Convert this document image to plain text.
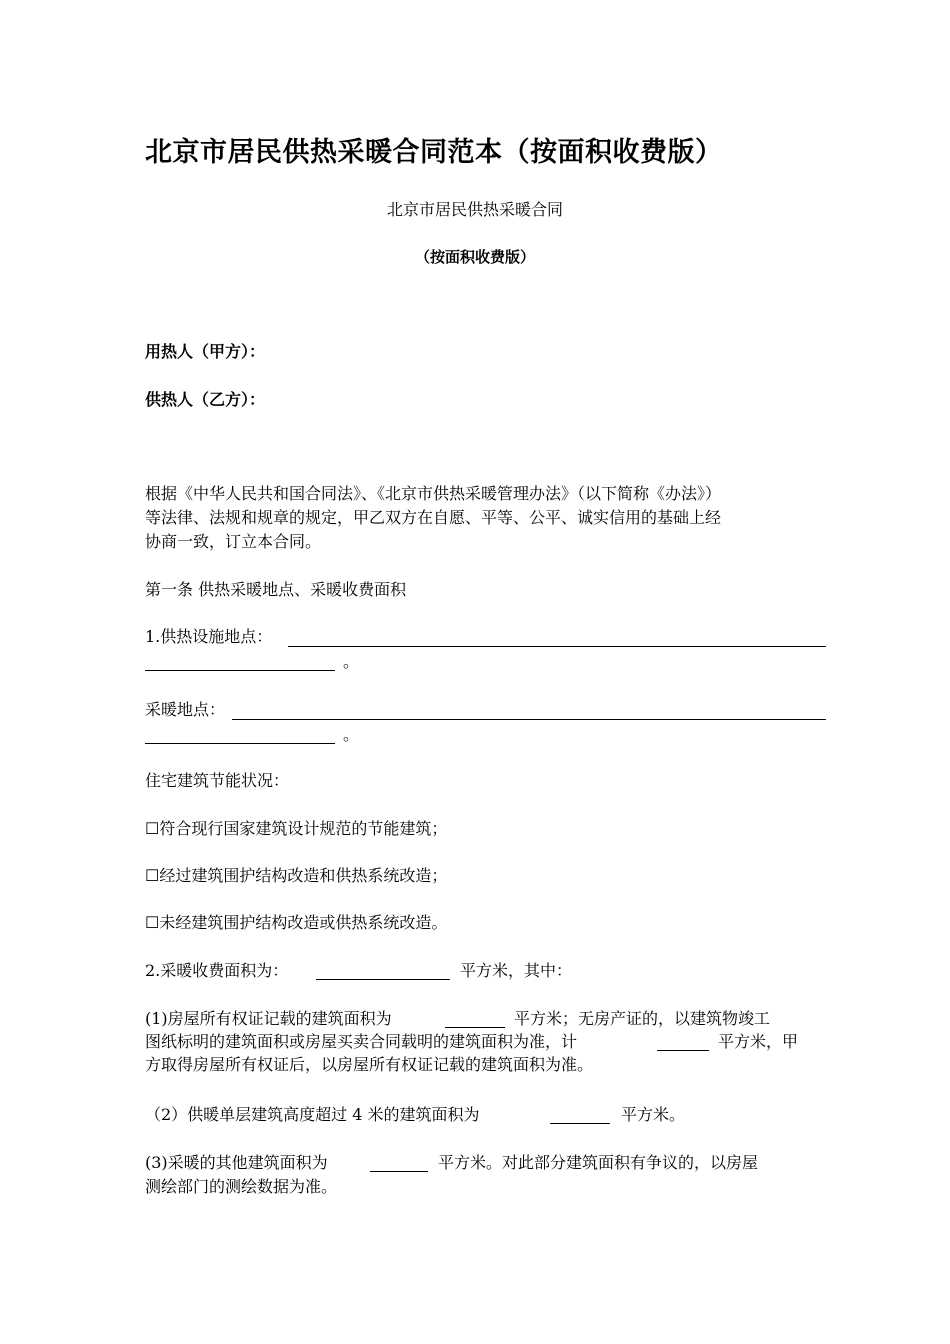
北京市居民供热采暖合同范本（按面积收费版）
北京市居民供热采暖合同
（按面积收费版）
用热人（甲方）：
供热人（乙方）：
根据《中华人民共和国合同法》、《北京市供热采暖管理办法》（以下简称《办法》）
等法律、法规和规章的规定，甲乙双方在自愿、平等、公平、诚实信用的基础上经
协商一致，订立本合同。
第一条 供热采暖地点、采暖收费面积
1.供热设施地点：
。
采暖地点：
。
住宅建筑节能状况：
☐符合现行国家建筑设计规范的节能建筑；
☐经过建筑围护结构改造和供热系统改造；
☐未经建筑围护结构改造或供热系统改造。
2.采暖收费面积为：	平方米，其中：
(1)房屋所有权证记载的建筑面积为	平方米；无房产证的，以建筑物竣工
图纸标明的建筑面积或房屋买卖合同载明的建筑面积为准，计	平方米，甲
方取得房屋所有权证后，以房屋所有权证记载的建筑面积为准。
（2）供暖单层建筑高度超过 4 米的建筑面积为	平方米。
(3)采暖的其他建筑面积为	平方米。对此部分建筑面积有争议的，以房屋
测绘部门的测绘数据为准。
